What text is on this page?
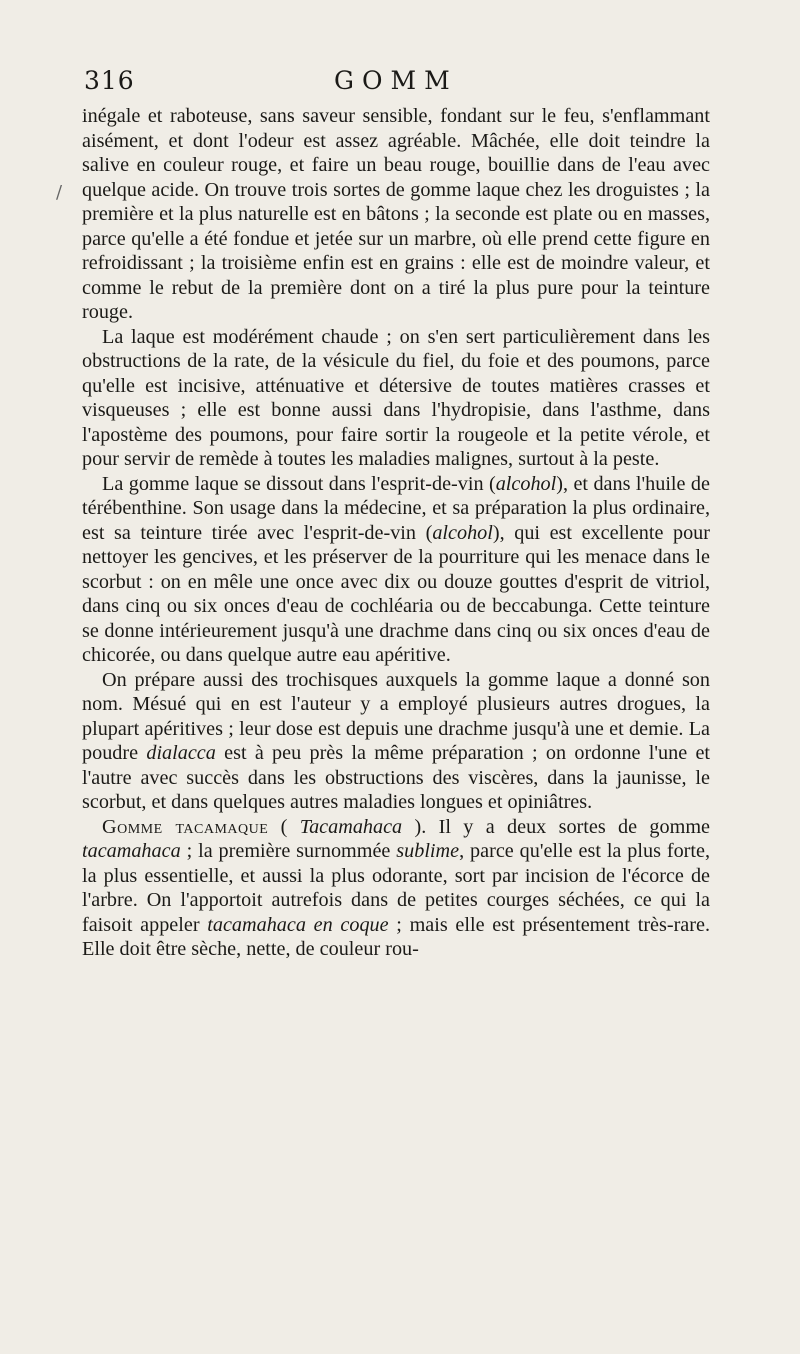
316	GOMM
/

inégale et raboteuse, sans saveur sensible, fondant sur le feu, s'enflammant aisément, et dont l'odeur est assez agréable. Mâchée, elle doit teindre la salive en couleur rouge, et faire un beau rouge, bouillie dans de l'eau avec quelque acide. On trouve trois sortes de gomme laque chez les droguistes ; la première et la plus naturelle est en bâtons ; la seconde est plate ou en masses, parce qu'elle a été fondue et jetée sur un marbre, où elle prend cette figure en refroidissant ; la troisième enfin est en grains : elle est de moindre valeur, et comme le rebut de la première dont on a tiré la plus pure pour la teinture rouge.

La laque est modérément chaude ; on s'en sert particulièrement dans les obstructions de la rate, de la vésicule du fiel, du foie et des poumons, parce qu'elle est incisive, atténuative et détersive de toutes matières crasses et visqueuses ; elle est bonne aussi dans l'hydropisie, dans l'asthme, dans l'apostème des poumons, pour faire sortir la rougeole et la petite vérole, et pour servir de remède à toutes les maladies malignes, surtout à la peste.

La gomme laque se dissout dans l'esprit-de-vin (alcohol), et dans l'huile de térébenthine. Son usage dans la médecine, et sa préparation la plus ordinaire, est sa teinture tirée avec l'esprit-de-vin (alcohol), qui est excellente pour nettoyer les gencives, et les préserver de la pourriture qui les menace dans le scorbut : on en mêle une once avec dix ou douze gouttes d'esprit de vitriol, dans cinq ou six onces d'eau de cochléaria ou de beccabunga. Cette teinture se donne intérieurement jusqu'à une drachme dans cinq ou six onces d'eau de chicorée, ou dans quelque autre eau apéritive.

On prépare aussi des trochisques auxquels la gomme laque a donné son nom. Mésué qui en est l'auteur y a employé plusieurs autres drogues, la plupart apéritives ; leur dose est depuis une drachme jusqu'à une et demie. La poudre dialacca est à peu près la même préparation ; on ordonne l'une et l'autre avec succès dans les obstructions des viscères, dans la jaunisse, le scorbut, et dans quelques autres maladies longues et opiniâtres.

Gomme tacamaque ( Tacamahaca ). Il y a deux sortes de gomme tacamahaca ; la première surnommée sublime, parce qu'elle est la plus forte, la plus essentielle, et aussi la plus odorante, sort par incision de l'écorce de l'arbre. On l'apportoit autrefois dans de petites courges séchées, ce qui la faisoit appeler tacamahaca en coque ; mais elle est présentement très-rare. Elle doit être sèche, nette, de couleur rou-
